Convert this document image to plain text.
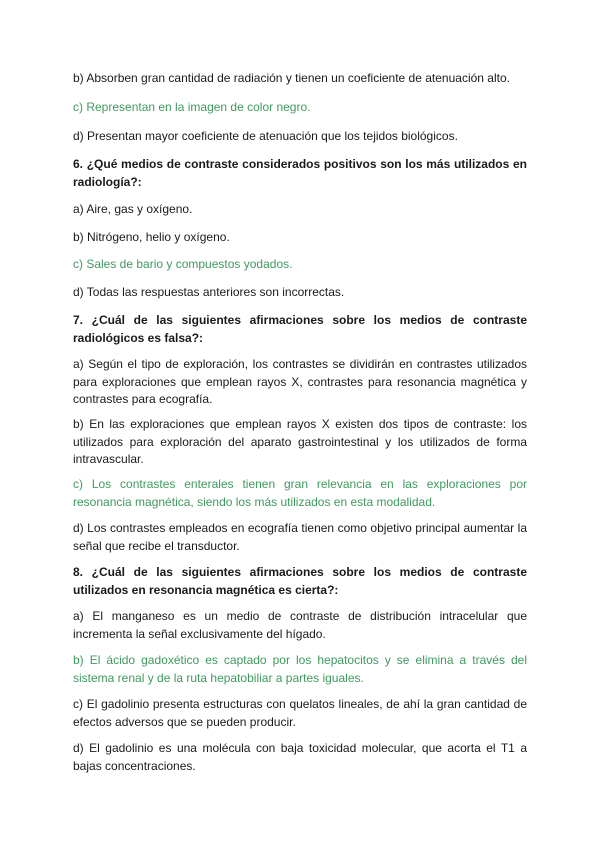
b) Absorben gran cantidad de radiación y tienen un coeficiente de atenuación alto.

c) Representan en la imagen de color negro.

d) Presentan mayor coeficiente de atenuación que los tejidos biológicos.

6. ¿Qué medios de contraste considerados positivos son los más utilizados en radiología?:

a) Aire, gas y oxígeno.

b) Nitrógeno, helio y oxígeno.

c) Sales de bario y compuestos yodados.

d) Todas las respuestas anteriores son incorrectas.

7. ¿Cuál de las siguientes afirmaciones sobre los medios de contraste radiológicos es falsa?:

a) Según el tipo de exploración, los contrastes se dividirán en contrastes utilizados para exploraciones que emplean rayos X, contrastes para resonancia magnética y contrastes para ecografía.

b) En las exploraciones que emplean rayos X existen dos tipos de contraste: los utilizados para exploración del aparato gastrointestinal y los utilizados de forma intravascular.

c) Los contrastes enterales tienen gran relevancia en las exploraciones por resonancia magnética, siendo los más utilizados en esta modalidad.

d) Los contrastes empleados en ecografía tienen como objetivo principal aumentar la señal que recibe el transductor.

8. ¿Cuál de las siguientes afirmaciones sobre los medios de contraste utilizados en resonancia magnética es cierta?:

a) El manganeso es un medio de contraste de distribución intracelular que incrementa la señal exclusivamente del hígado.

b) El ácido gadoxético es captado por los hepatocitos y se elimina a través del sistema renal y de la ruta hepatobiliar a partes iguales.

c) El gadolinio presenta estructuras con quelatos lineales, de ahí la gran cantidad de efectos adversos que se pueden producir.

d) El gadolinio es una molécula con baja toxicidad molecular, que acorta el T1 a bajas concentraciones.
